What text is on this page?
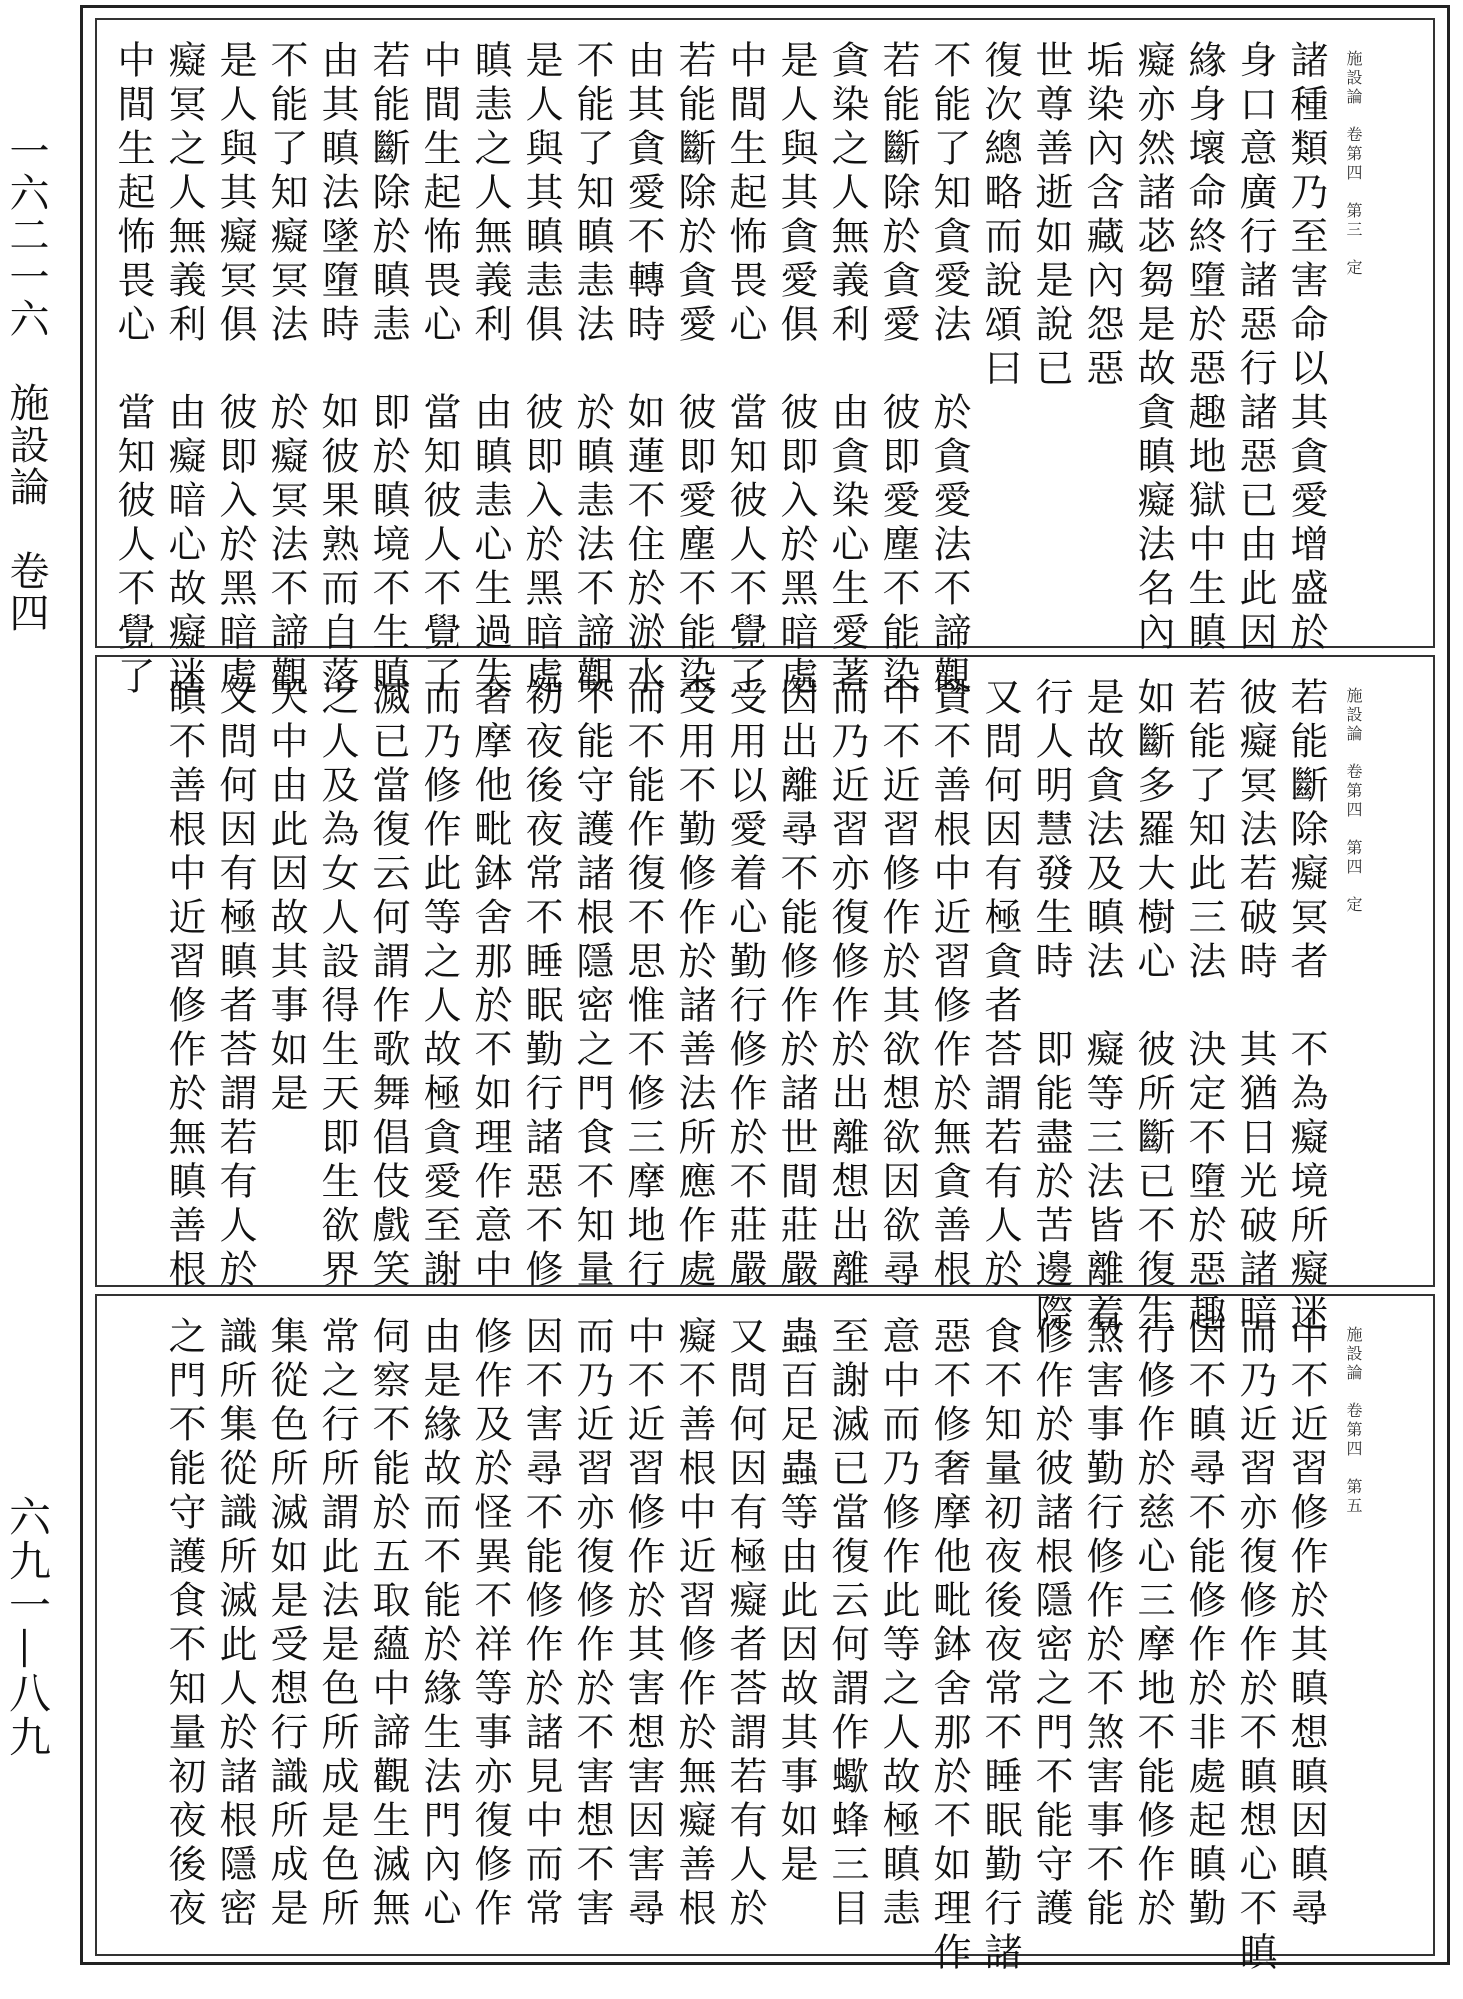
一六二一六　施設論　卷四
六九一—八九
施設論　卷第四　第三　定
諸種類乃至害命以其貪愛增盛於
身口意廣行諸惡行諸惡已由此因
緣身壞命終墮於惡趣地獄中生瞋
癡亦然諸苾芻是故貪瞋癡法名內
垢染內含藏內怨惡
世尊善逝如是說已
復次總略而說頌曰
不能了知貪愛法　於貪愛法不諦觀
若能斷除於貪愛　彼即愛塵不能染
貪染之人無義利　由貪染心生愛著
是人與其貪愛俱　彼即入於黑暗處
中間生起怖畏心　當知彼人不覺了
若能斷除於貪愛　彼即愛塵不能染
由其貪愛不轉時　如蓮不住於淤水
不能了知瞋恚法　於瞋恚法不諦觀
是人與其瞋恚俱　彼即入於黑暗處
瞋恚之人無義利　由瞋恚心生過失
中間生起怖畏心　當知彼人不覺了
若能斷除於瞋恚　即於瞋境不生瞋
由其瞋法墜墮時　如彼果熟而自落
不能了知癡冥法　於癡冥法不諦觀
是人與其癡冥俱　彼即入於黑暗處
癡冥之人無義利　由癡暗心故癡迷
中間生起怖畏心　當知彼人不覺了
施設論　卷第四　第四　定
若能斷除癡冥者　不為癡境所癡迷
彼癡冥法若破時　其猶日光破諸暗
若能了知此三法　決定不墮於惡趣
如斷多羅大樹心　彼所斷已不復生
是故貪法及瞋法　癡等三法皆離着
行人明慧發生時　即能盡於苦邊際
又問何因有極貪者荅謂若有人於
貪不善根中近習修作於無貪善根
中不近習修作於其欲想欲因欲尋
而乃近習亦復修作於出離想出離
因出離尋不能修作於諸世間莊嚴
受用以愛着心勤行修作於不莊嚴
受用不勤修作於諸善法所應作處
而不能作復不思惟不修三摩地行
不能守護諸根隱密之門食不知量
初夜後夜常不睡眠勤行諸惡不修
奢摩他毗鉢舍那於不如理作意中
而乃修作此等之人故極貪愛至謝
滅已當復云何謂作歌舞倡伎戲笑
之人及為女人設得生天即生欲界
天中由此因故其事如是
又問何因有極瞋者荅謂若有人於
瞋不善根中近習修作於無瞋善根
施設論　卷第四　第五
中不近習修作於其瞋想瞋因瞋尋
而乃近習亦復修作於不瞋想心不瞋
因不瞋尋不能修作於非處起瞋勤
行修作於慈心三摩地不能修作於
煞害事勤行修作於不煞害事不能
修作於彼諸根隱密之門不能守護
食不知量初夜後夜常不睡眠勤行諸
惡不修奢摩他毗鉢舍那於不如理作
意中而乃修作此等之人故極瞋恚
至謝滅已當復云何謂作蠍蜂三目
蟲百足蟲等由此因故其事如是
又問何因有極癡者荅謂若有人於
癡不善根中近習修作於無癡善根
中不近習修作於其害想害因害尋
而乃近習亦復修作於不害想不害
因不害尋不能修作於諸見中而常
修作及於怪異不祥等事亦復修作
由是緣故而不能於緣生法門內心
伺察不能於五取蘊中諦觀生滅無
常之行所謂此法是色所成是色所
集從色所滅如是受想行識所成是
識所集從識所滅此人於諸根隱密
之門不能守護食不知量初夜後夜
